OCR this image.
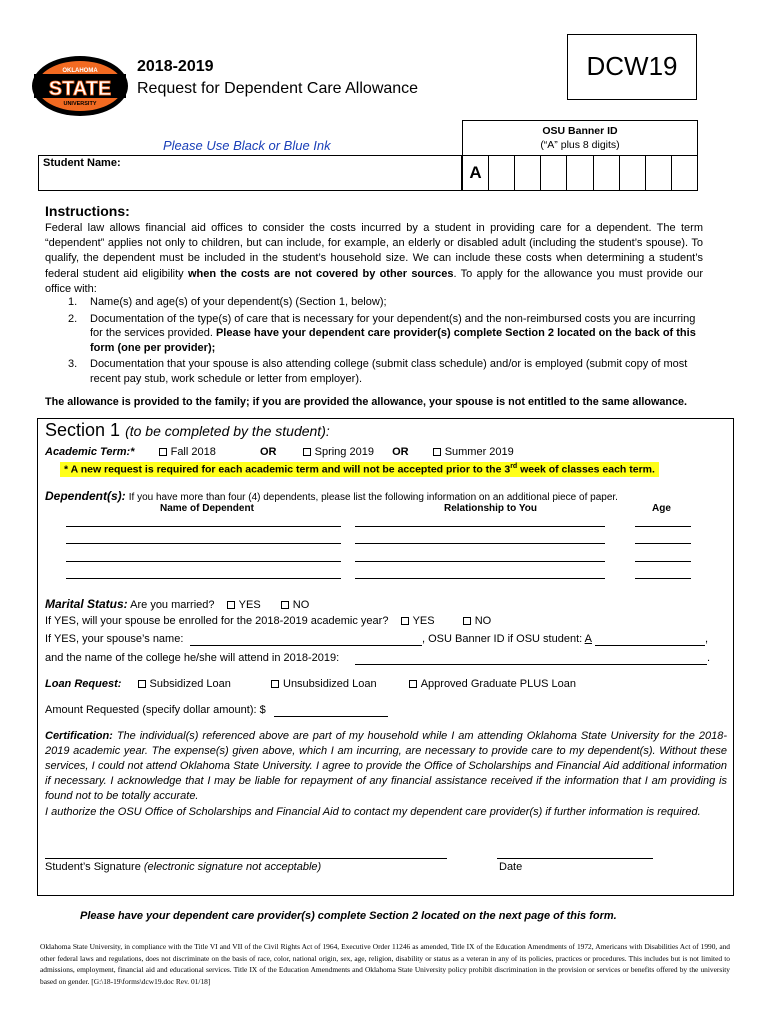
OKLAHOMA
STATE
UNIVERSITY
2018-2019
Request for Dependent Care Allowance
DCW19
Please Use Black or Blue Ink
OSU Banner ID
(“A” plus 8 digits)
Student Name:	A
Instructions:
Federal law allows financial aid offices to consider the costs incurred by a student in providing care for a dependent. The term “dependent” applies not only to children, but can include, for example, an elderly or disabled adult (including the student’s spouse). To qualify, the dependent must be included in the student’s household size. We can include these costs when determining a student’s federal student aid eligibility when the costs are not covered by other sources. To apply for the allowance you must provide our office with:
1. Name(s) and age(s) of your dependent(s) (Section 1, below);
2. Documentation of the type(s) of care that is necessary for your dependent(s) and the non-reimbursed costs you are incurring for the services provided. Please have your dependent care provider(s) complete Section 2 located on the back of this form (one per provider);
3. Documentation that your spouse is also attending college (submit class schedule) and/or is employed (submit copy of most recent pay stub, work schedule or letter from employer).
The allowance is provided to the family; if you are provided the allowance, your spouse is not entitled to the same allowance.
Section 1 (to be completed by the student):
Academic Term:*	Fall 2018	OR	Spring 2019 OR	Summer 2019
* A new request is required for each academic term and will not be accepted prior to the 3rd week of classes each term.
Dependent(s): If you have more than four (4) dependents, please list the following information on an additional piece of paper.
Name of Dependent	Relationship to You	Age
Marital Status: Are you married? YES	NO
If YES, will your spouse be enrolled for the 2018-2019 academic year? YES	NO
If YES, your spouse’s name:	, OSU Banner ID if OSU student: A	,
and the name of the college he/she will attend in 2018-2019:	.
Loan Request:	Subsidized Loan	Unsubsidized Loan	Approved Graduate PLUS Loan
Amount Requested (specify dollar amount): $
Certification: The individual(s) referenced above are part of my household while I am attending Oklahoma State University for the 2018-2019 academic year. The expense(s) given above, which I am incurring, are necessary to provide care to my dependent(s). Without these services, I could not attend Oklahoma State University. I agree to provide the Office of Scholarships and Financial Aid additional information if necessary. I acknowledge that I may be liable for repayment of any financial assistance received if the information that I am providing is found not to be totally accurate.
I authorize the OSU Office of Scholarships and Financial Aid to contact my dependent care provider(s) if further information is required.
Student’s Signature (electronic signature not acceptable)	Date
Please have your dependent care provider(s) complete Section 2 located on the next page of this form.
Oklahoma State University, in compliance with the Title VI and VII of the Civil Rights Act of 1964, Executive Order 11246 as amended, Title IX of the Education Amendments of 1972, Americans with Disabilities Act of 1990, and other federal laws and regulations, does not discriminate on the basis of race, color, national origin, sex, age, religion, disability or status as a veteran in any of its policies, practices or procedures. This includes but is not limited to admissions, employment, financial aid and educational services. Title IX of the Education Amendments and Oklahoma State University policy prohibit discrimination in the provision or services or benefits offered by the university based on gender. [G:\18-19\forms\dcw19.doc Rev. 01/18]
